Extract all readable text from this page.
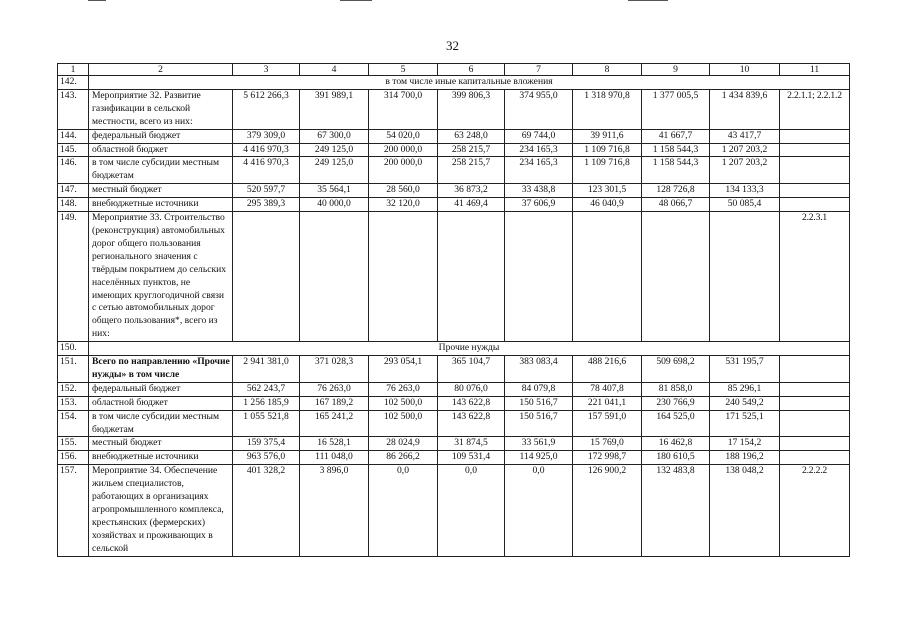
32
1	2	3	4	5	6	7	8	9	10	11
142.	в том числе иные капитальные вложения									
143.	Мероприятие 32. Развитие газификации в сельской местности, всего из них:	5 612 266,3	391 989,1	314 700,0	399 806,3	374 955,0	1 318 970,8	1 377 005,5	1 434 839,6	2.2.1.1; 2.2.1.2
144.	федеральный бюджет	379 309,0	67 300,0	54 020,0	63 248,0	69 744,0	39 911,6	41 667,7	43 417,7	
145.	областной бюджет	4 416 970,3	249 125,0	200 000,0	258 215,7	234 165,3	1 109 716,8	1 158 544,3	1 207 203,2	
146.	в том числе субсидии местным бюджетам	4 416 970,3	249 125,0	200 000,0	258 215,7	234 165,3	1 109 716,8	1 158 544,3	1 207 203,2	
147.	местный бюджет	520 597,7	35 564,1	28 560,0	36 873,2	33 438,8	123 301,5	128 726,8	134 133,3	
148.	внебюджетные источники	295 389,3	40 000,0	32 120,0	41 469,4	37 606,9	46 040,9	48 066,7	50 085,4	
149.	Мероприятие 33. Строительство (реконструкция) автомобильных дорог общего пользования регионального значения с твёрдым покрытием до сельских населённых пунктов, не имеющих круглогодичной связи с сетью автомобильных дорог общего пользования*, всего из них:									2.2.3.1
150.	Прочие нужды									
151.	Всего по направлению «Прочие нужды» в том числе	2 941 381,0	371 028,3	293 054,1	365 104,7	383 083,4	488 216,6	509 698,2	531 195,7	
152.	федеральный бюджет	562 243,7	76 263,0	76 263,0	80 076,0	84 079,8	78 407,8	81 858,0	85 296,1	
153.	областной бюджет	1 256 185,9	167 189,2	102 500,0	143 622,8	150 516,7	221 041,1	230 766,9	240 549,2	
154.	в том числе субсидии местным бюджетам	1 055 521,8	165 241,2	102 500,0	143 622,8	150 516,7	157 591,0	164 525,0	171 525,1	
155.	местный бюджет	159 375,4	16 528,1	28 024,9	31 874,5	33 561,9	15 769,0	16 462,8	17 154,2	
156.	внебюджетные источники	963 576,0	111 048,0	86 266,2	109 531,4	114 925,0	172 998,7	180 610,5	188 196,2	
157.	Мероприятие 34. Обеспечение жильем специалистов, работающих в организациях агропромышленного комплекса, крестьянских (фермерских) хозяйствах и проживающих в сельской	401 328,2	3 896,0	0,0	0,0	0,0	126 900,2	132 483,8	138 048,2	2.2.2.2
